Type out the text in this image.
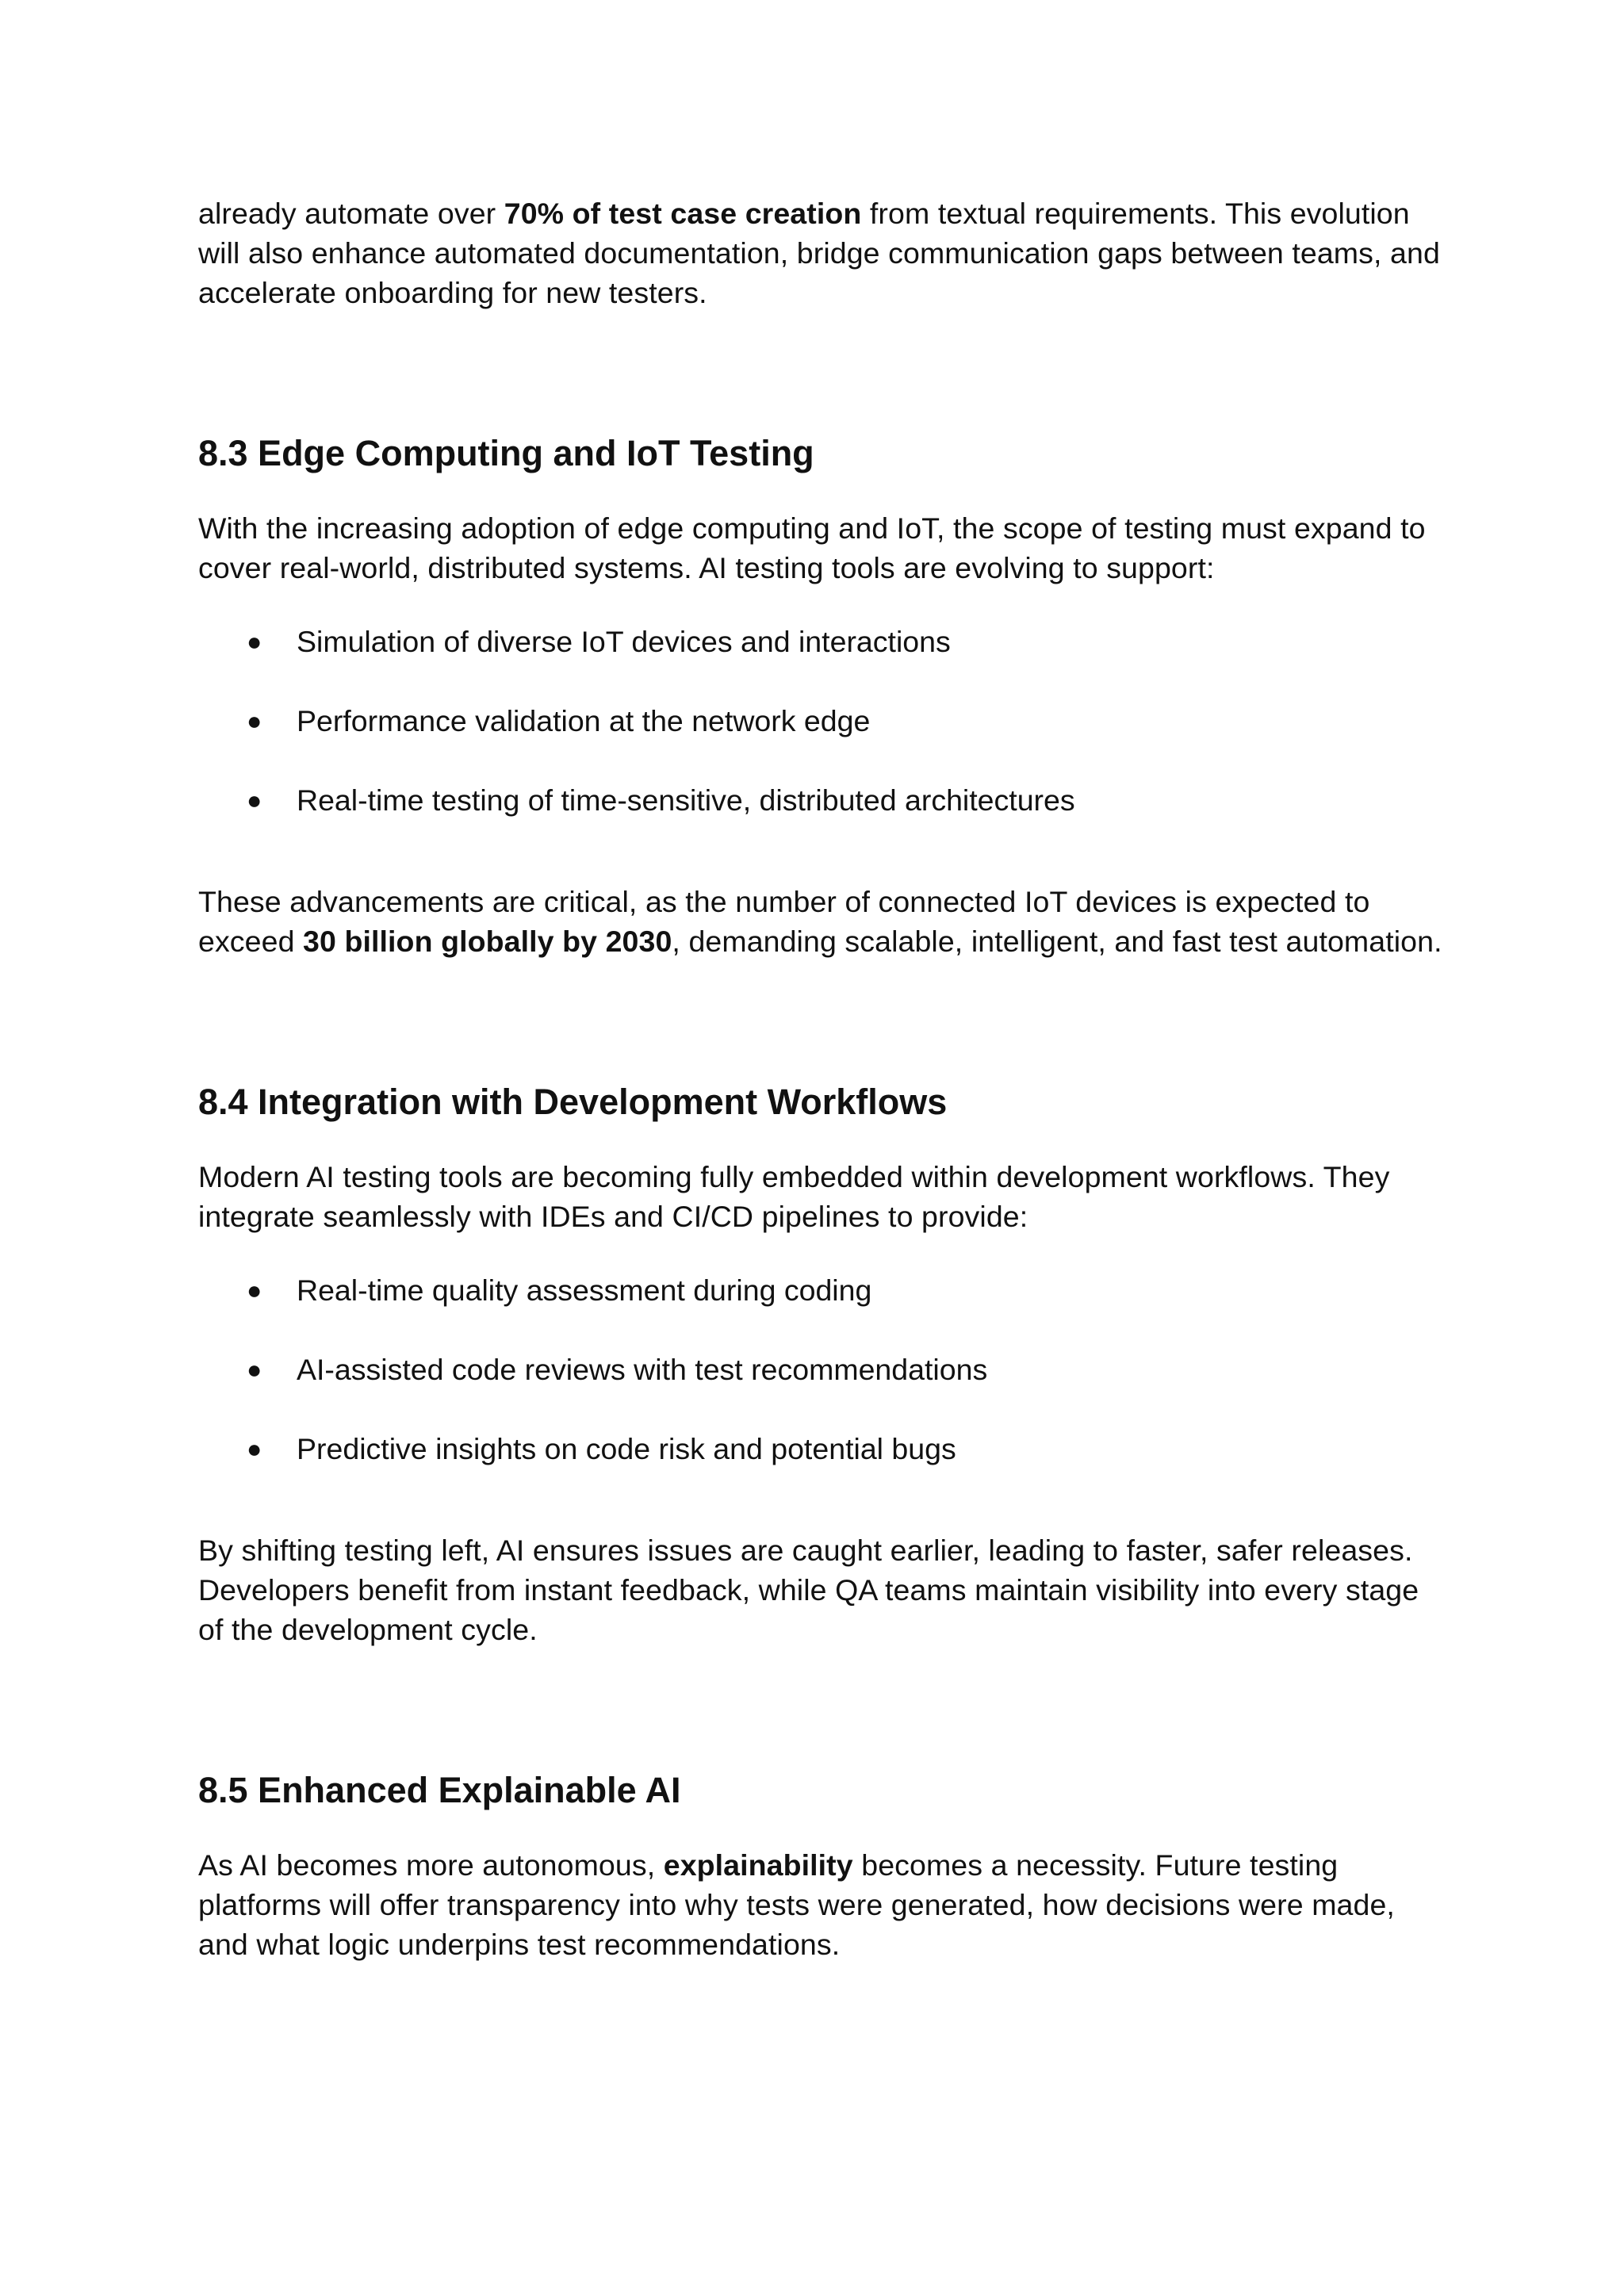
already automate over 70% of test case creation from textual requirements. This evolution will also enhance automated documentation, bridge communication gaps between teams, and accelerate onboarding for new testers.

8.3 Edge Computing and IoT Testing

With the increasing adoption of edge computing and IoT, the scope of testing must expand to cover real-world, distributed systems. AI testing tools are evolving to support:

● Simulation of diverse IoT devices and interactions
● Performance validation at the network edge
● Real-time testing of time-sensitive, distributed architectures

These advancements are critical, as the number of connected IoT devices is expected to exceed 30 billion globally by 2030, demanding scalable, intelligent, and fast test automation.

8.4 Integration with Development Workflows

Modern AI testing tools are becoming fully embedded within development workflows. They integrate seamlessly with IDEs and CI/CD pipelines to provide:

● Real-time quality assessment during coding
● AI-assisted code reviews with test recommendations
● Predictive insights on code risk and potential bugs

By shifting testing left, AI ensures issues are caught earlier, leading to faster, safer releases. Developers benefit from instant feedback, while QA teams maintain visibility into every stage of the development cycle.

8.5 Enhanced Explainable AI

As AI becomes more autonomous, explainability becomes a necessity. Future testing platforms will offer transparency into why tests were generated, how decisions were made, and what logic underpins test recommendations.
